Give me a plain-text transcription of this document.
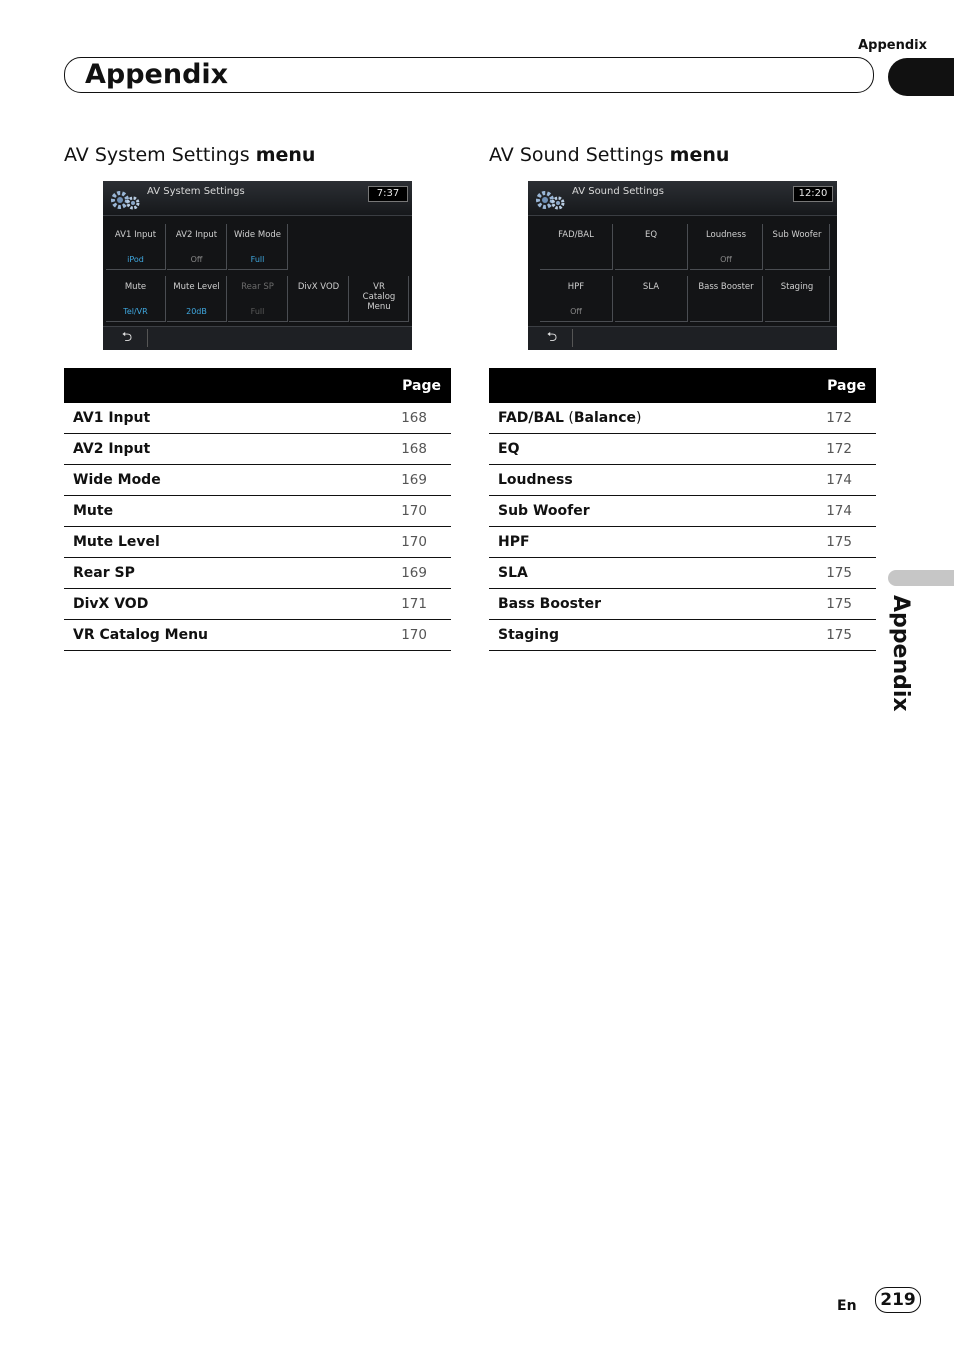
Appendix
Appendix
Appendix
AV System Settings menu
AV System Settings	7:37
AV1 Input
iPod
AV2 Input
Off
Wide Mode
Full
Mute
Tel/VR
Mute Level
20dB
Rear SP
Full
DivX VOD	VR Catalog Menu
⮌
Page	
AV1 Input	168
AV2 Input	168
Wide Mode	169
Mute	170
Mute Level	170
Rear SP	169
DivX VOD	171
VR Catalog Menu	170
AV Sound Settings menu
AV Sound Settings	12:20
FAD/BAL	EQ	Loudness
Off
Sub Woofer
HPF
Off
SLA	Bass Booster	Staging
⮌
Page	
FAD/BAL (Balance)	172
EQ	172
Loudness	174
Sub Woofer	174
HPF	175
SLA	175
Bass Booster	175
Staging	175
En	219
